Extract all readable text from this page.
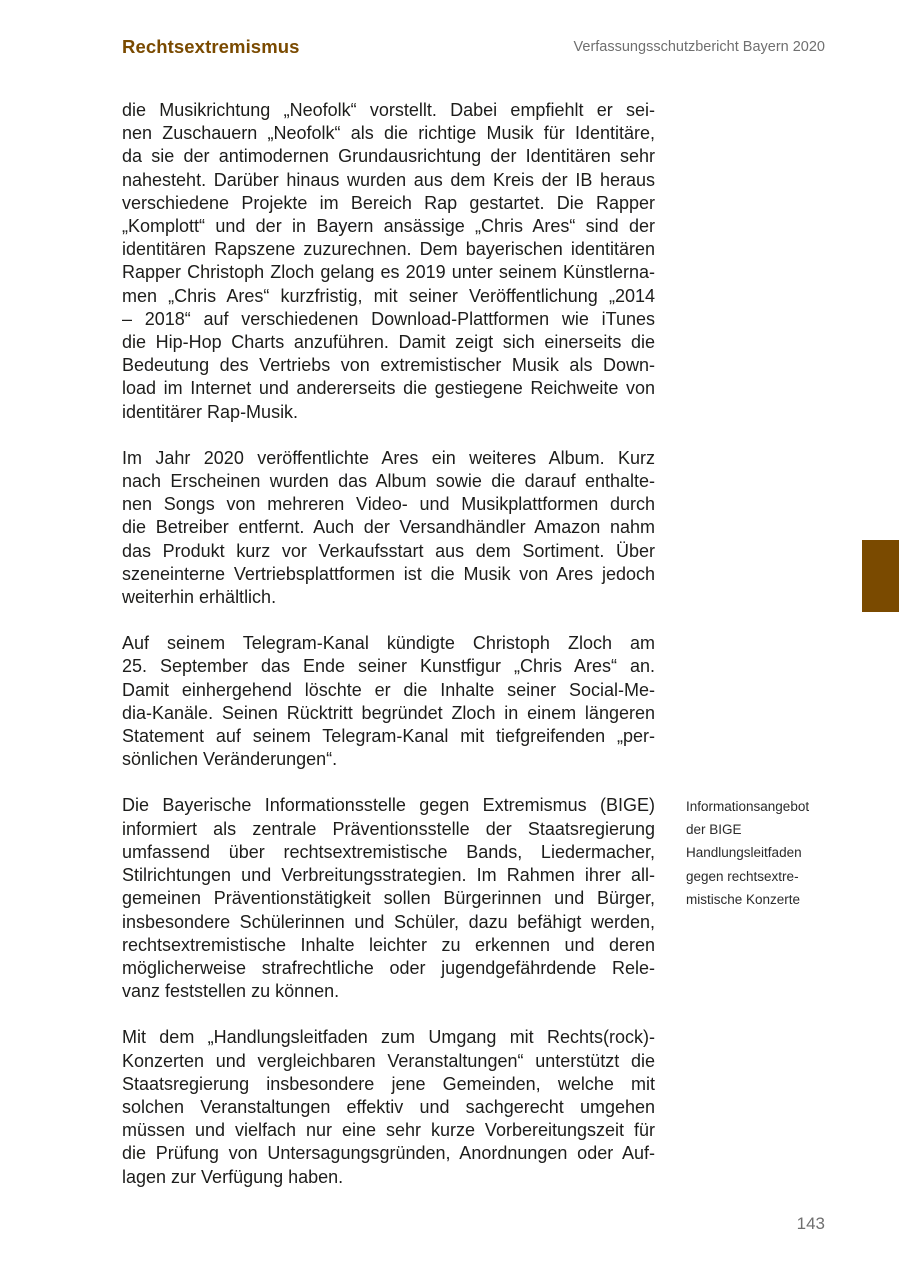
Rechtsextremismus	Verfassungsschutzbericht Bayern 2020

die Musikrichtung „Neofolk“ vorstellt. Dabei empfiehlt er sei-
nen Zuschauern „Neofolk“ als die richtige Musik für Identitäre,
da sie der antimodernen Grundausrichtung der Identitären sehr
nahesteht. Darüber hinaus wurden aus dem Kreis der IB heraus
verschiedene Projekte im Bereich Rap gestartet. Die Rapper
„Komplott“ und der in Bayern ansässige „Chris Ares“ sind der
identitären Rapszene zuzurechnen. Dem bayerischen identitären
Rapper Christoph Zloch gelang es 2019 unter seinem Künstlerna-
men „Chris Ares“ kurzfristig, mit seiner Veröffentlichung „2014
– 2018“ auf verschiedenen Download-Plattformen wie iTunes
die Hip-Hop Charts anzuführen. Damit zeigt sich einerseits die
Bedeutung des Vertriebs von extremistischer Musik als Down-
load im Internet und andererseits die gestiegene Reichweite von
identitärer Rap-Musik.

Im Jahr 2020 veröffentlichte Ares ein weiteres Album. Kurz
nach Erscheinen wurden das Album sowie die darauf enthalte-
nen Songs von mehreren Video- und Musikplattformen durch
die Betreiber entfernt. Auch der Versandhändler Amazon nahm
das Produkt kurz vor Verkaufsstart aus dem Sortiment. Über
szeneinterne Vertriebsplattformen ist die Musik von Ares jedoch
weiterhin erhältlich.

Auf seinem Telegram-Kanal kündigte Christoph Zloch am
25. September das Ende seiner Kunstfigur „Chris Ares“ an.
Damit einhergehend löschte er die Inhalte seiner Social-Me-
dia-Kanäle. Seinen Rücktritt begründet Zloch in einem längeren
Statement auf seinem Telegram-Kanal mit tiefgreifenden „per-
sönlichen Veränderungen“.

Die Bayerische Informationsstelle gegen Extremismus (BIGE)
informiert als zentrale Präventionsstelle der Staatsregierung
umfassend über rechtsextremistische Bands, Liedermacher,
Stilrichtungen und Verbreitungsstrategien. Im Rahmen ihrer all-
gemeinen Präventionstätigkeit sollen Bürgerinnen und Bürger,
insbesondere Schülerinnen und Schüler, dazu befähigt werden,
rechtsextremistische Inhalte leichter zu erkennen und deren
möglicherweise strafrechtliche oder jugendgefährdende Rele-
vanz feststellen zu können.

Mit dem „Handlungsleitfaden zum Umgang mit Rechts(rock)-
Konzerten und vergleichbaren Veranstaltungen“ unterstützt die
Staatsregierung insbesondere jene Gemeinden, welche mit
solchen Veranstaltungen effektiv und sachgerecht umgehen
müssen und vielfach nur eine sehr kurze Vorbereitungszeit für
die Prüfung von Untersagungsgründen, Anordnungen oder Auf-
lagen zur Verfügung haben.

Informationsangebot
der BIGE
Handlungsleitfaden
gegen rechtsextre-
mistische Konzerte
143
